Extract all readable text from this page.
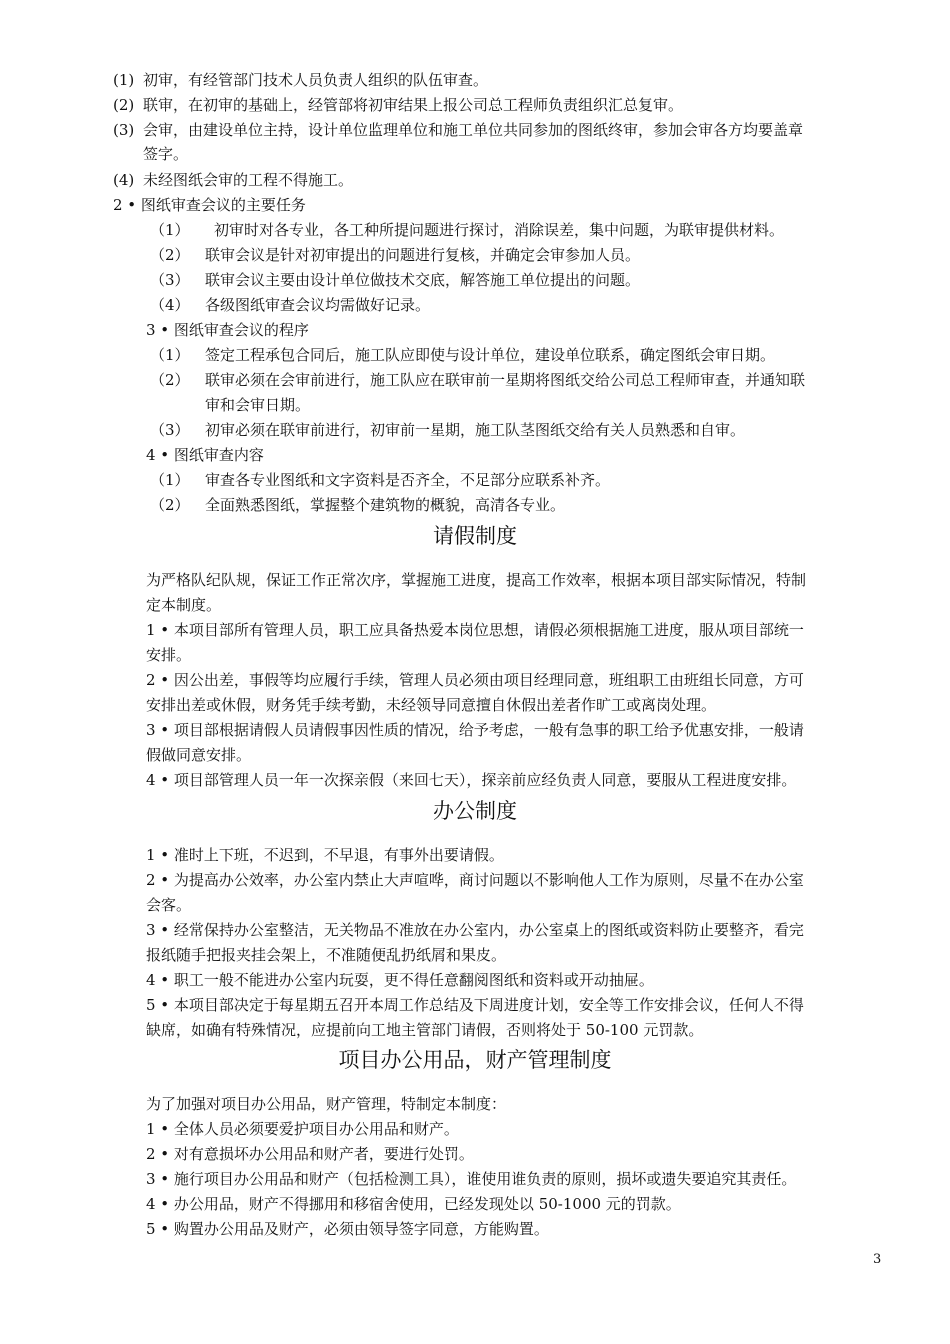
(1) 初审，有经管部门技术人员负责人组织的队伍审查。
(2) 联审，在初审的基础上，经管部将初审结果上报公司总工程师负责组织汇总复审。
(3) 会审，由建设单位主持，设计单位监理单位和施工单位共同参加的图纸终审，参加会审各方均要盖章
签字。
(4) 未经图纸会审的工程不得施工。
2 • 图纸审查会议的主要任务
（1） 初审时对各专业，各工种所提问题进行探讨，消除误差，集中问题，为联审提供材料。
（2） 联审会议是针对初审提出的问题进行复核，并确定会审参加人员。
（3） 联审会议主要由设计单位做技术交底，解答施工单位提出的问题。
（4） 各级图纸审查会议均需做好记录。
3 • 图纸审查会议的程序
（1） 签定工程承包合同后，施工队应即使与设计单位，建设单位联系，确定图纸会审日期。
（2） 联审必须在会审前进行，施工队应在联审前一星期将图纸交给公司总工程师审查，并通知联
审和会审日期。
（3） 初审必须在联审前进行，初审前一星期，施工队茎图纸交给有关人员熟悉和自审。
4 • 图纸审查内容
（1） 审查各专业图纸和文字资料是否齐全，不足部分应联系补齐。
（2） 全面熟悉图纸，掌握整个建筑物的概貌，高清各专业。
请假制度
为严格队纪队规，保证工作正常次序，掌握施工进度，提高工作效率，根据本项目部实际情况，特制
定本制度。
1 • 本项目部所有管理人员，职工应具备热爱本岗位思想，请假必须根据施工进度，服从项目部统一
安排。
2 • 因公出差，事假等均应履行手续，管理人员必须由项目经理同意，班组职工由班组长同意，方可
安排出差或休假，财务凭手续考勤，未经领导同意擅自休假出差者作旷工或离岗处理。
3 • 项目部根据请假人员请假事因性质的情况，给予考虑，一般有急事的职工给予优惠安排，一般请
假做同意安排。
4 • 项目部管理人员一年一次探亲假（来回七天），探亲前应经负责人同意，要服从工程进度安排。
办公制度
1 • 准时上下班，不迟到，不早退，有事外出要请假。
2 • 为提高办公效率，办公室内禁止大声喧哗，商讨问题以不影响他人工作为原则，尽量不在办公室
会客。
3 • 经常保持办公室整洁，无关物品不准放在办公室内，办公室桌上的图纸或资料防止要整齐，看完
报纸随手把报夹挂会架上，不准随便乱扔纸屑和果皮。
4 • 职工一般不能进办公室内玩耍，更不得任意翻阅图纸和资料或开动抽屉。
5 • 本项目部决定于每星期五召开本周工作总结及下周进度计划，安全等工作安排会议，任何人不得
缺席，如确有特殊情况，应提前向工地主管部门请假，否则将处于 50-100 元罚款。
项目办公用品，财产管理制度
为了加强对项目办公用品，财产管理，特制定本制度：
1 • 全体人员必须要爱护项目办公用品和财产。
2 • 对有意损坏办公用品和财产者，要进行处罚。
3 • 施行项目办公用品和财产（包括检测工具），谁使用谁负责的原则，损坏或遗失要追究其责任。
4 • 办公用品，财产不得挪用和移宿舍使用，已经发现处以 50-1000 元的罚款。
5 • 购置办公用品及财产，必须由领导签字同意，方能购置。
3
